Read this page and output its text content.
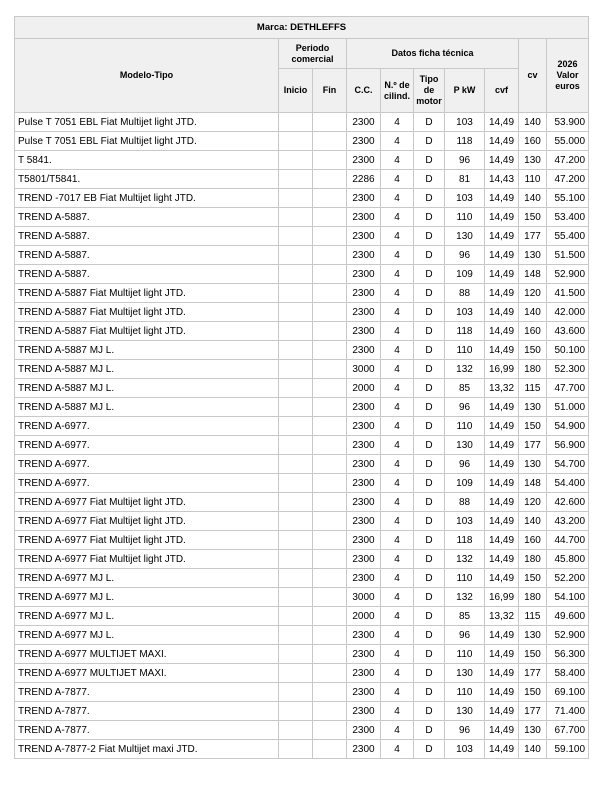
Marca: DETHLEFFS									
Modelo-Tipo	Periodo comercial		Datos ficha técnica					cv	2026 Valor euros
	Inicio	Fin	C.C.	N.º de cilind.	Tipo de motor	P kW	cvf		
Pulse T 7051 EBL Fiat Multijet light JTD.			2300	4	D	103	14,49	140	53.900
Pulse T 7051 EBL Fiat Multijet light JTD.			2300	4	D	118	14,49	160	55.000
T 5841.			2300	4	D	96	14,49	130	47.200
T5801/T5841.			2286	4	D	81	14,43	110	47.200
TREND -7017 EB Fiat Multijet light JTD.			2300	4	D	103	14,49	140	55.100
TREND A-5887.			2300	4	D	110	14,49	150	53.400
TREND A-5887.			2300	4	D	130	14,49	177	55.400
TREND A-5887.			2300	4	D	96	14,49	130	51.500
TREND A-5887.			2300	4	D	109	14,49	148	52.900
TREND A-5887 Fiat Multijet light JTD.			2300	4	D	88	14,49	120	41.500
TREND A-5887 Fiat Multijet light JTD.			2300	4	D	103	14,49	140	42.000
TREND A-5887 Fiat Multijet light JTD.			2300	4	D	118	14,49	160	43.600
TREND A-5887 MJ L.			2300	4	D	110	14,49	150	50.100
TREND A-5887 MJ L.			3000	4	D	132	16,99	180	52.300
TREND A-5887 MJ L.			2000	4	D	85	13,32	115	47.700
TREND A-5887 MJ L.			2300	4	D	96	14,49	130	51.000
TREND A-6977.			2300	4	D	110	14,49	150	54.900
TREND A-6977.			2300	4	D	130	14,49	177	56.900
TREND A-6977.			2300	4	D	96	14,49	130	54.700
TREND A-6977.			2300	4	D	109	14,49	148	54.400
TREND A-6977 Fiat Multijet light JTD.			2300	4	D	88	14,49	120	42.600
TREND A-6977 Fiat Multijet light JTD.			2300	4	D	103	14,49	140	43.200
TREND A-6977 Fiat Multijet light JTD.			2300	4	D	118	14,49	160	44.700
TREND A-6977 Fiat Multijet light JTD.			2300	4	D	132	14,49	180	45.800
TREND A-6977 MJ L.			2300	4	D	110	14,49	150	52.200
TREND A-6977 MJ L.			3000	4	D	132	16,99	180	54.100
TREND A-6977 MJ L.			2000	4	D	85	13,32	115	49.600
TREND A-6977 MJ L.			2300	4	D	96	14,49	130	52.900
TREND A-6977 MULTIJET MAXI.			2300	4	D	110	14,49	150	56.300
TREND A-6977 MULTIJET MAXI.			2300	4	D	130	14,49	177	58.400
TREND A-7877.			2300	4	D	110	14,49	150	69.100
TREND A-7877.			2300	4	D	130	14,49	177	71.400
TREND A-7877.			2300	4	D	96	14,49	130	67.700
TREND A-7877-2 Fiat Multijet maxi JTD.			2300	4	D	103	14,49	140	59.100
